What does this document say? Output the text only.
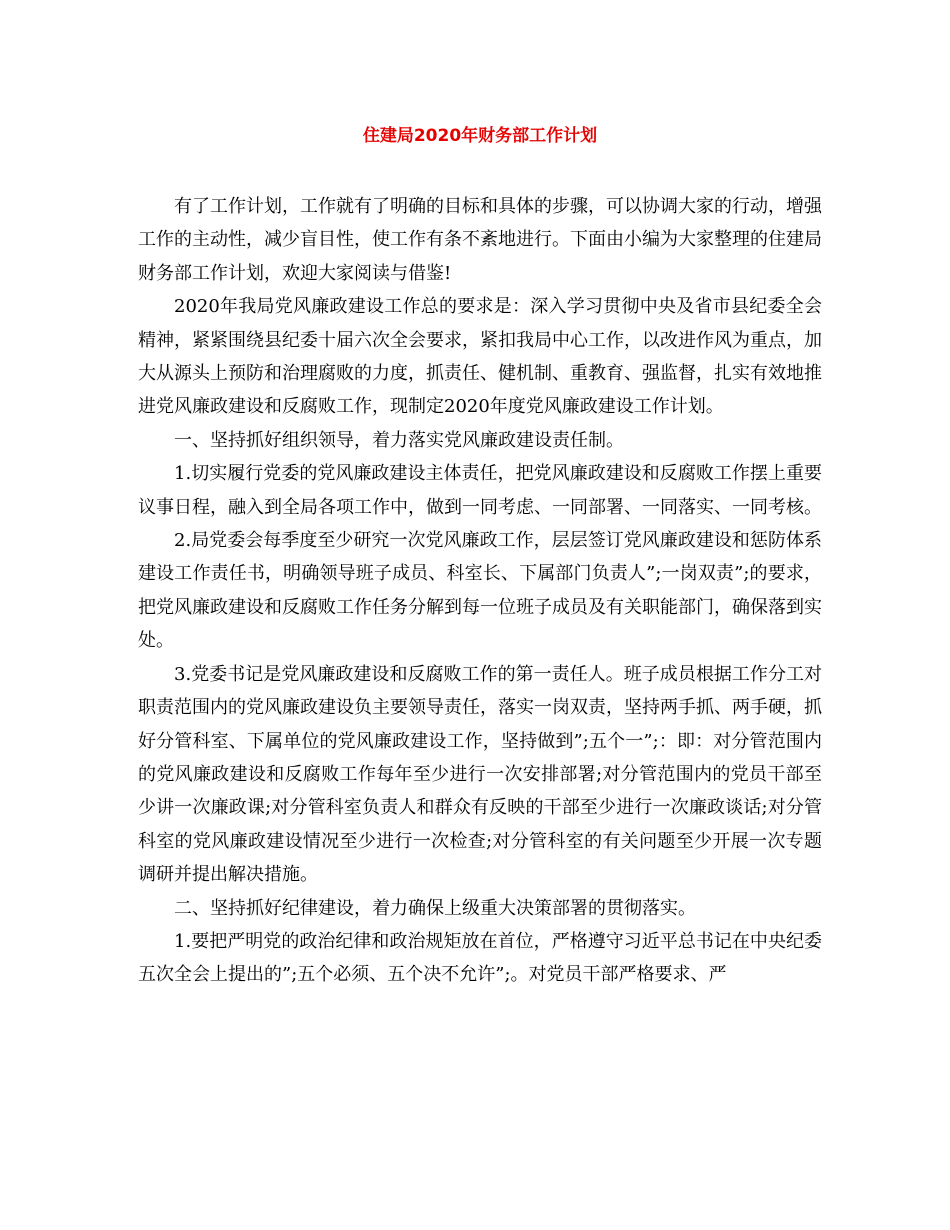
住建局2020年财务部工作计划

有了工作计划，工作就有了明确的目标和具体的步骤，可以协调大家的行动，增强工作的主动性，减少盲目性，使工作有条不紊地进行。下面由小编为大家整理的住建局财务部工作计划，欢迎大家阅读与借鉴!

2020年我局党风廉政建设工作总的要求是：深入学习贯彻中央及省市县纪委全会精神，紧紧围绕县纪委十届六次全会要求，紧扣我局中心工作，以改进作风为重点，加大从源头上预防和治理腐败的力度，抓责任、健机制、重教育、强监督，扎实有效地推进党风廉政建设和反腐败工作，现制定2020年度党风廉政建设工作计划。

一、坚持抓好组织领导，着力落实党风廉政建设责任制。

1.切实履行党委的党风廉政建设主体责任，把党风廉政建设和反腐败工作摆上重要议事日程，融入到全局各项工作中，做到一同考虑、一同部署、一同落实、一同考核。

2.局党委会每季度至少研究一次党风廉政工作，层层签订党风廉政建设和惩防体系建设工作责任书，明确领导班子成员、科室长、下属部门负责人”;一岗双责”;的要求，把党风廉政建设和反腐败工作任务分解到每一位班子成员及有关职能部门，确保落到实处。

3.党委书记是党风廉政建设和反腐败工作的第一责任人。班子成员根据工作分工对职责范围内的党风廉政建设负主要领导责任，落实一岗双责，坚持两手抓、两手硬，抓好分管科室、下属单位的党风廉政建设工作，坚持做到”;五个一”;：即：对分管范围内的党风廉政建设和反腐败工作每年至少进行一次安排部署;对分管范围内的党员干部至少讲一次廉政课;对分管科室负责人和群众有反映的干部至少进行一次廉政谈话;对分管科室的党风廉政建设情况至少进行一次检查;对分管科室的有关问题至少开展一次专题调研并提出解决措施。

二、坚持抓好纪律建设，着力确保上级重大决策部署的贯彻落实。

1.要把严明党的政治纪律和政治规矩放在首位，严格遵守习近平总书记在中央纪委五次全会上提出的”;五个必须、五个决不允许”;。对党员干部严格要求、严
